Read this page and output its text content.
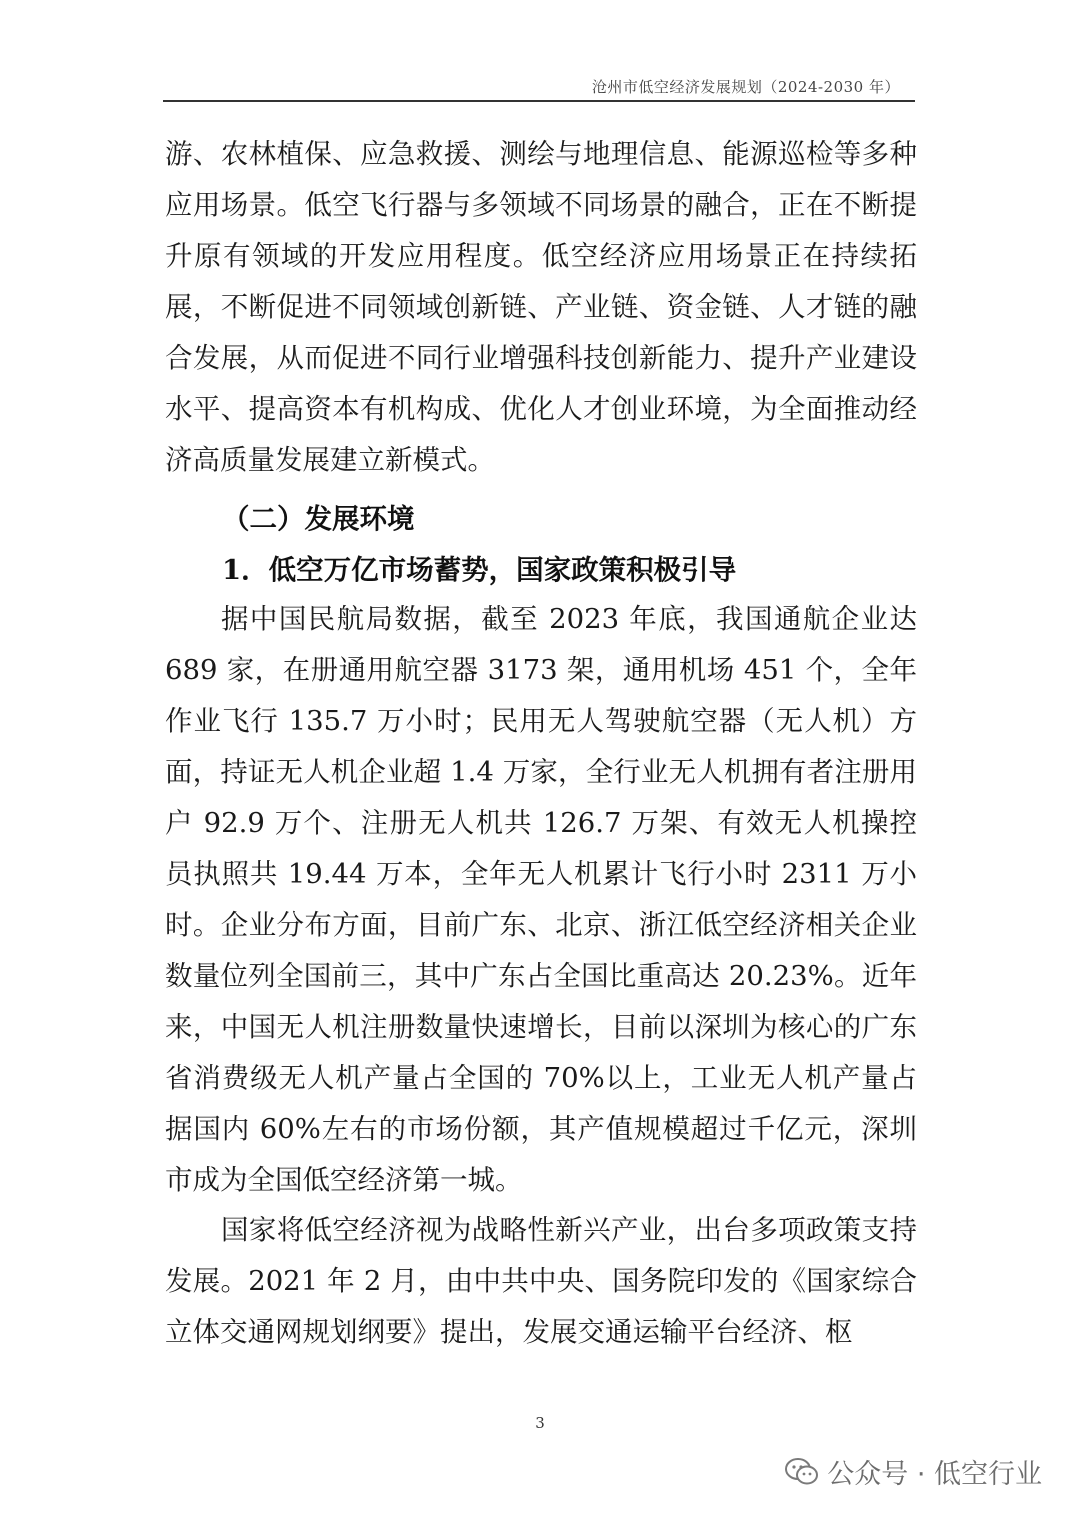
沧州市低空经济发展规划（2024-2030 年）

游、农林植保、应急救援、测绘与地理信息、能源巡检等多种应用场景。低空飞行器与多领域不同场景的融合，正在不断提升原有领域的开发应用程度。低空经济应用场景正在持续拓展，不断促进不同领域创新链、产业链、资金链、人才链的融合发展，从而促进不同行业增强科技创新能力、提升产业建设水平、提高资本有机构成、优化人才创业环境，为全面推动经济高质量发展建立新模式。

（二）发展环境
1．低空万亿市场蓄势，国家政策积极引导

据中国民航局数据，截至 2023 年底，我国通航企业达 689 家，在册通用航空器 3173 架，通用机场 451 个，全年作业飞行 135.7 万小时；民用无人驾驶航空器（无人机）方面，持证无人机企业超 1.4 万家，全行业无人机拥有者注册用户 92.9 万个、注册无人机共 126.7 万架、有效无人机操控员执照共 19.44 万本，全年无人机累计飞行小时 2311 万小时。企业分布方面，目前广东、北京、浙江低空经济相关企业数量位列全国前三，其中广东占全国比重高达 20.23%。近年来，中国无人机注册数量快速增长，目前以深圳为核心的广东省消费级无人机产量占全国的 70%以上，工业无人机产量占据国内 60%左右的市场份额，其产值规模超过千亿元，深圳市成为全国低空经济第一城。

国家将低空经济视为战略性新兴产业，出台多项政策支持发展。2021 年 2 月，由中共中央、国务院印发的《国家综合立体交通网规划纲要》提出，发展交通运输平台经济、枢

3
公众号 · 低空行业
